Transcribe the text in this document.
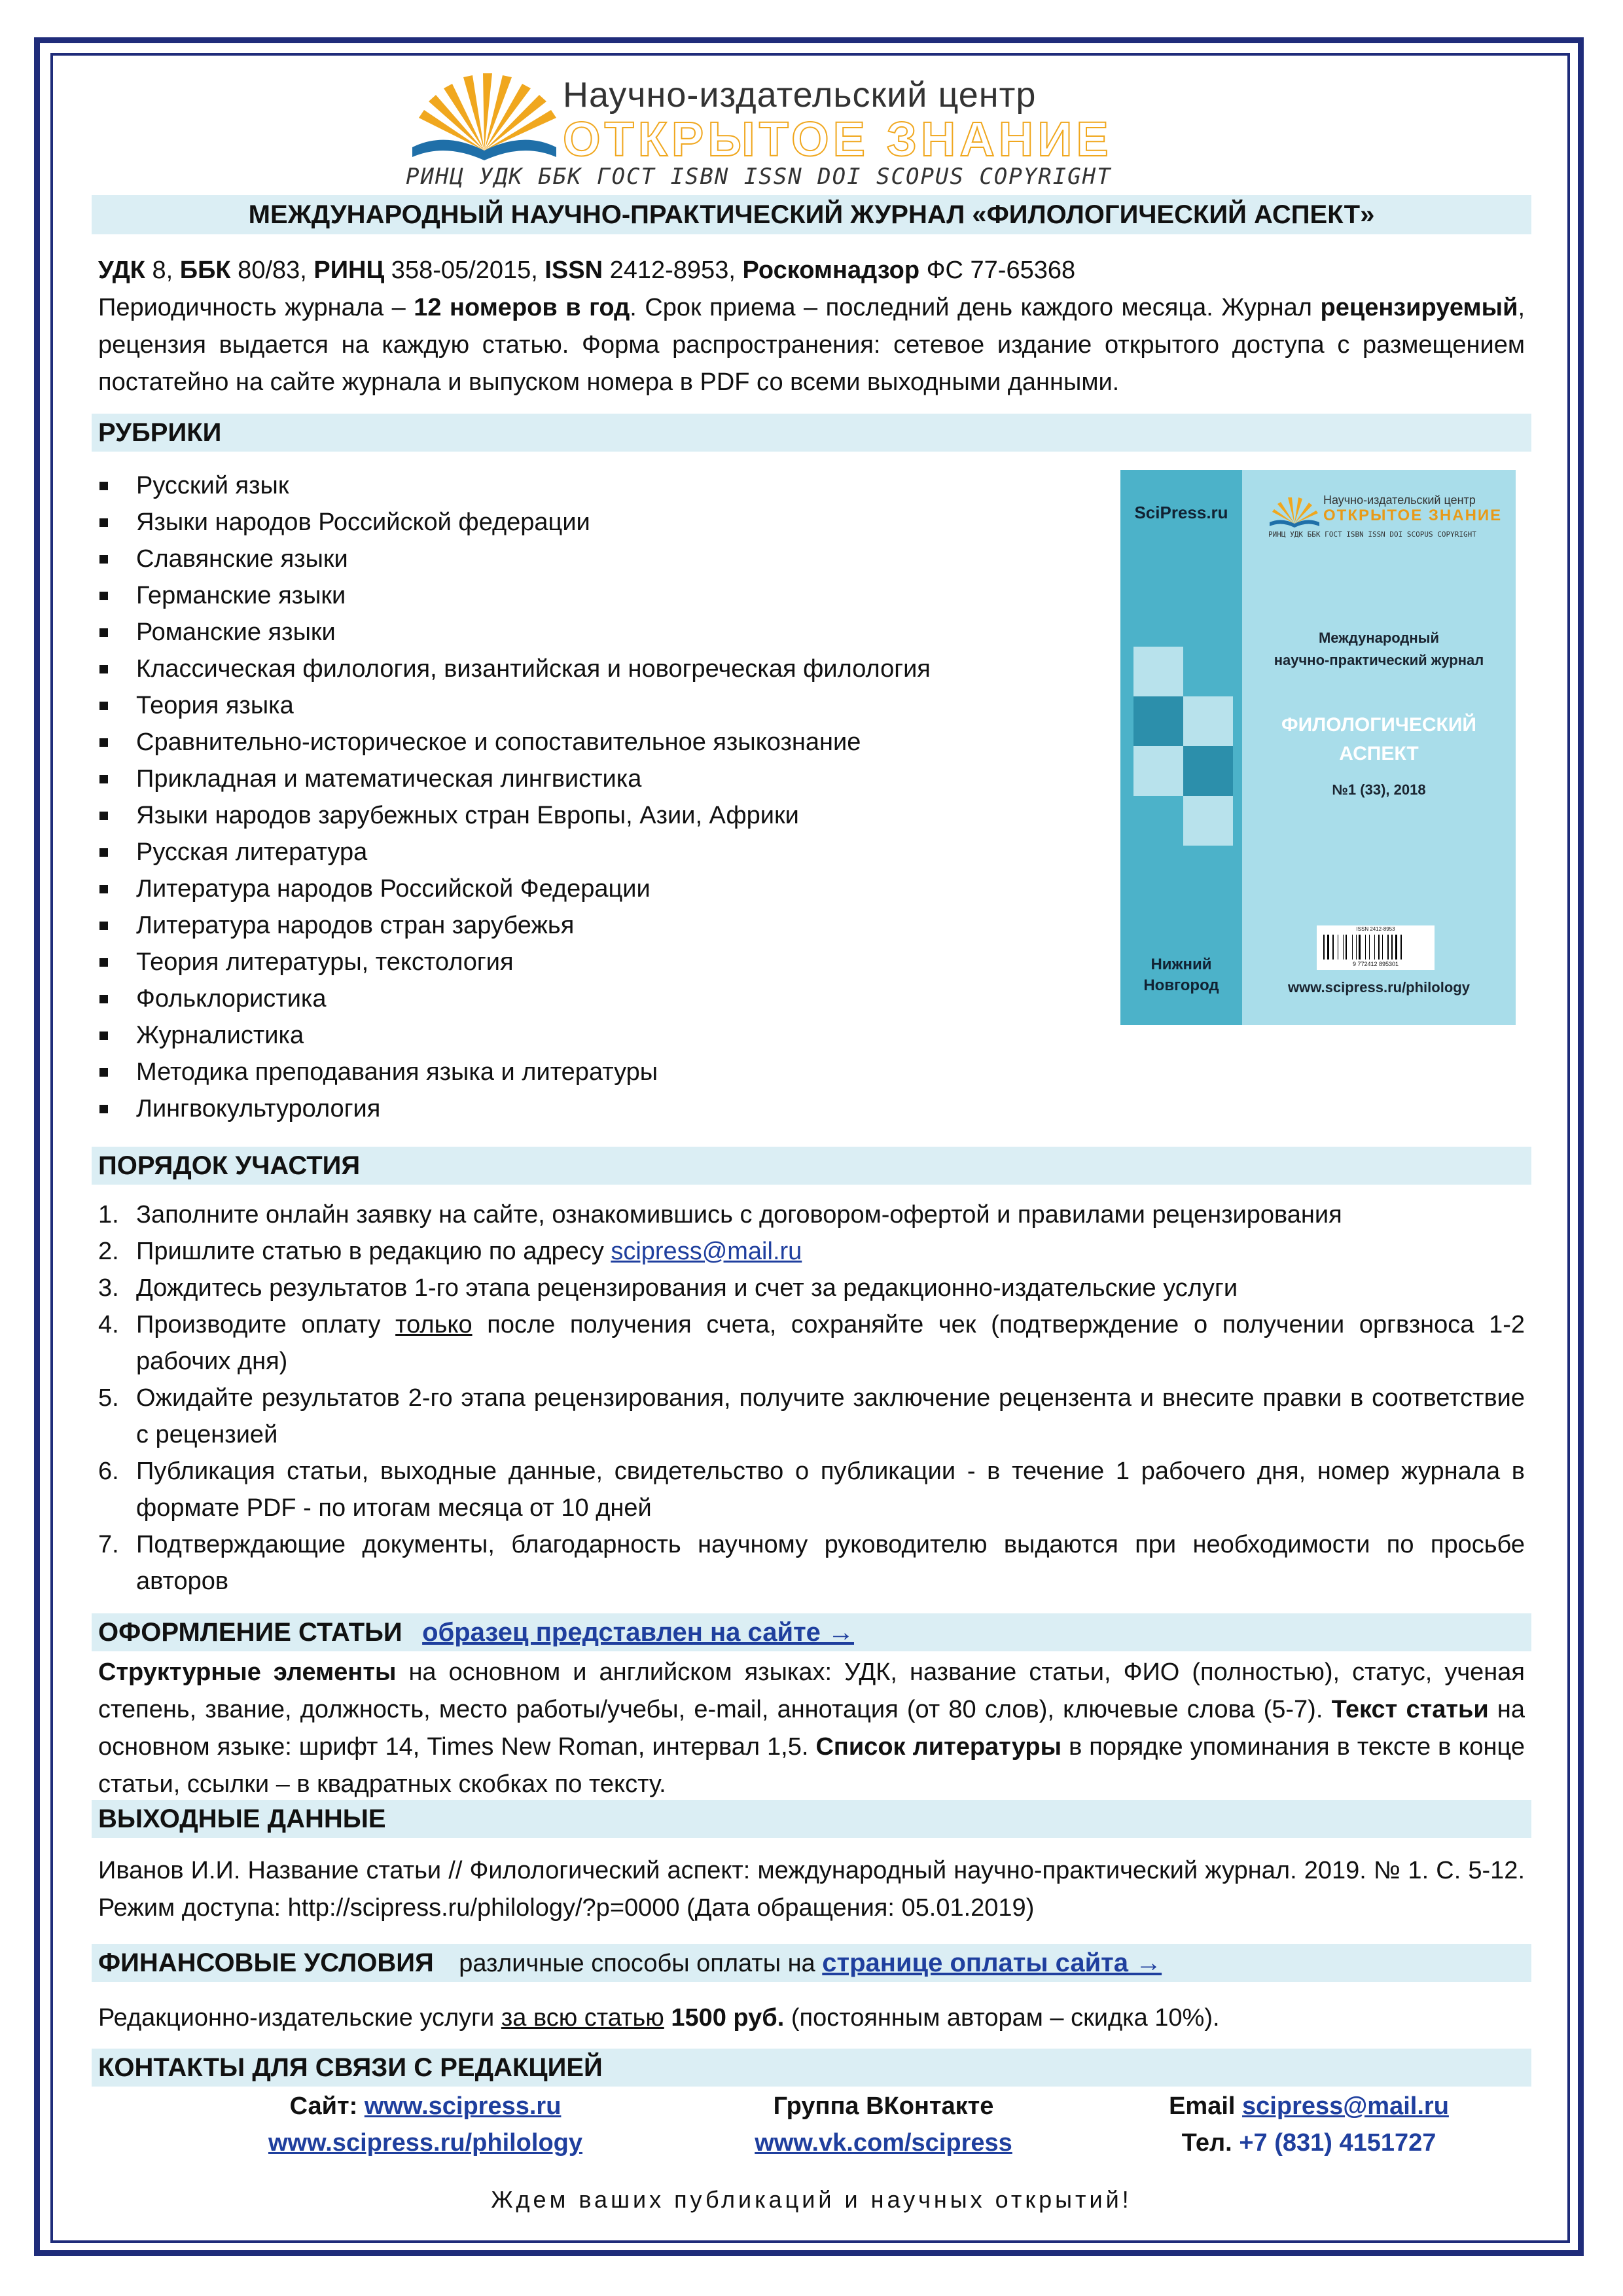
Научно-издательский центр
ОТКРЫТОЕ ЗНАНИЕ
РИНЦ УДК ББК ГОСТ ISBN ISSN DOI SCOPUS COPYRIGHT
МЕЖДУНАРОДНЫЙ НАУЧНО-ПРАКТИЧЕСКИЙ ЖУРНАЛ «ФИЛОЛОГИЧЕСКИЙ АСПЕКТ»
УДК 8, ББК 80/83, РИНЦ 358-05/2015, ISSN 2412-8953, Роскомнадзор ФС 77-65368
Периодичность журнала – 12 номеров в год. Срок приема – последний день каждого месяца. Журнал рецензируемый, рецензия выдается на каждую статью. Форма распространения: сетевое издание открытого доступа с размещением постатейно на сайте журнала и выпуском номера в PDF со всеми выходными данными.
РУБРИКИ
Русский язык
Языки народов Российской федерации
Славянские языки
Германские языки
Романские языки
Классическая филология, византийская и новогреческая филология
Теория языка
Сравнительно-историческое и сопоставительное языкознание
Прикладная и математическая лингвистика
Языки народов зарубежных стран Европы, Азии, Африки
Русская литература
Литература народов Российской Федерации
Литература народов стран зарубежья
Теория литературы, текстология
Фольклористика
Журналистика
Методика преподавания языка и литературы
Лингвокультурология
SciPress.ru
Нижний
Новгород
Научно-издательский центр
ОТКРЫТОЕ ЗНАНИЕ
РИНЦ УДК ББК ГОСТ ISBN ISSN DOI SCOPUS COPYRIGHT
Международный
научно-практический журнал
ФИЛОЛОГИЧЕСКИЙ
АСПЕКТ
№1 (33), 2018
ISSN 2412-8953
9 772412 895301
www.scipress.ru/philology
ПОРЯДОК УЧАСТИЯ
1. Заполните онлайн заявку на сайте, ознакомившись с договором-офертой и правилами рецензирования
2. Пришлите статью в редакцию по адресу scipress@mail.ru
3. Дождитесь результатов 1-го этапа рецензирования и счет за редакционно-издательские услуги
4. Производите оплату только после получения счета, сохраняйте чек (подтверждение о получении оргвзноса 1-2 рабочих дня)
5. Ожидайте результатов 2-го этапа рецензирования, получите заключение рецензента и внесите правки в соответствие с рецензией
6. Публикация статьи, выходные данные, свидетельство о публикации - в течение 1 рабочего дня, номер журнала в формате PDF - по итогам месяца от 10 дней
7. Подтверждающие документы, благодарность научному руководителю выдаются при необходимости по просьбе авторов
ОФОРМЛЕНИЕ СТАТЬИ образец представлен на сайте →
Структурные элементы на основном и английском языках: УДК, название статьи, ФИО (полностью), статус, ученая степень, звание, должность, место работы/учебы, e-mail, аннотация (от 80 слов), ключевые слова (5-7). Текст статьи на основном языке: шрифт 14, Times New Roman, интервал 1,5. Список литературы в порядке упоминания в тексте в конце статьи, ссылки – в квадратных скобках по тексту.
ВЫХОДНЫЕ ДАННЫЕ
Иванов И.И. Название статьи // Филологический аспект: международный научно-практический журнал. 2019. № 1. С. 5-12. Режим доступа: http://scipress.ru/philology/?p=0000 (Дата обращения: 05.01.2019)
ФИНАНСОВЫЕ УСЛОВИЯ различные способы оплаты на странице оплаты сайта →
Редакционно-издательские услуги за всю статью 1500 руб. (постоянным авторам – скидка 10%).
КОНТАКТЫ ДЛЯ СВЯЗИ С РЕДАКЦИЕЙ
Сайт: www.scipress.ru
www.scipress.ru/philology
Группа ВКонтакте
www.vk.com/scipress
Email scipress@mail.ru
Тел. +7 (831) 4151727
Ждем ваших публикаций и научных открытий!
